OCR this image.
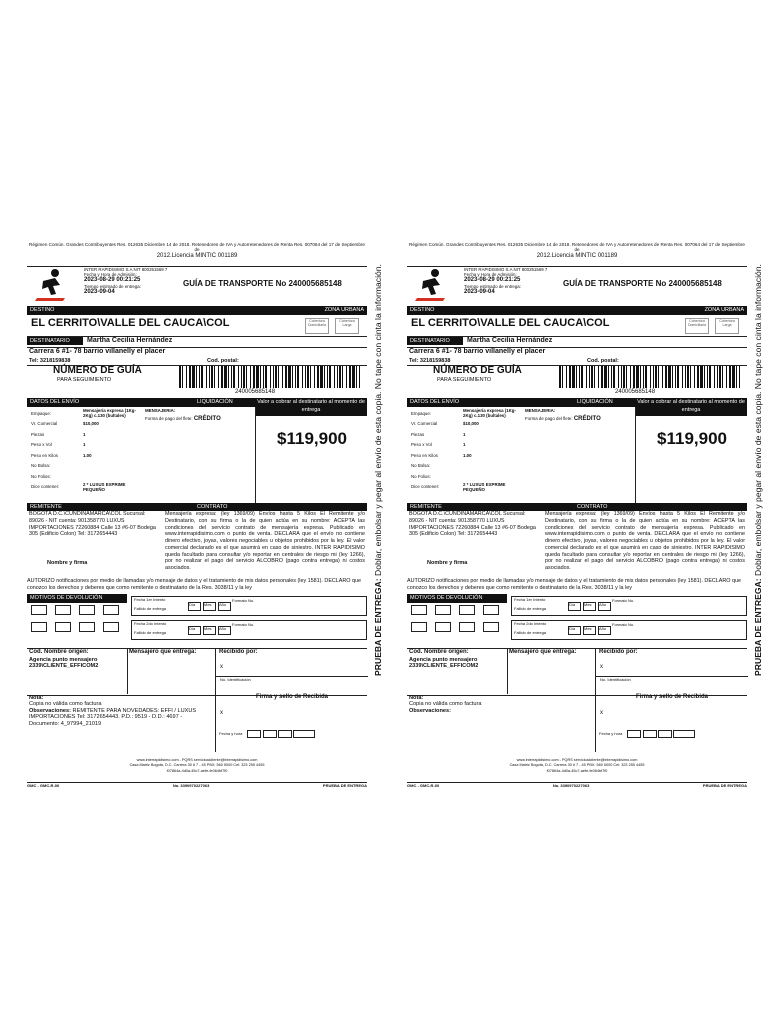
Régimen Común. Grandes Contribuyentes Res. 012635 Diciembre 14 de 2018. Retenedores de IVA y Autorretenedores de Renta Res. 007064 del 17 de Septiembre de
2012.Licencia MINTIC 001189
INTER RAPIDISIMO S.A NIT 800251569 7
Fecha y Hora de Admisión:
2023-08-29 00:21:25
Tiempo estimado de entrega:
2023-09-04
GUÍA DE TRANSPORTE No 240005685148
DESTINO	ZONA URBANA
EL CERRITO\VALLE DEL CAUCA\COL	Cobertura Domiciliaria
Cobertura Larga
DESTINATARIO	Martha Cecilia Hernández
Carrera 6 #1- 78 barrio villanelly el placer
Tel: 3218159838	Cod. postal:
NÚMERO DE GUÍA
PARA SEGUIMIENTO
240005685148
DATOS DEL ENVÍO	LIQUIDACIÓN	Valor a cobrar al destinatario al momento de entrega
Empaque:
Mensajería expresa (1Kg-2Kg) c.130 (bultales)
Vr. Comercial	$10,000
Piezas	1
Peso x Vol	1
Peso en Kilos	1.00
No Bolsa:
No Folios:
Dice contener:
2 * LUXUS EXPRIME PEQUEÑO
MENSAJERIA:
Forma de pago del flete: CRÉDITO
$119,900
REMITENTE	CONTRATO
BOGOTA D.C.\CUNDINAMARCA\COL Sucursal: 89026 - NIT cuenta: 901358770 LUXUS IMPORTACIONES 72260884 Calle 13 #6-07 Bodega 305 (Edificio Colon) Tel: 3172654443
Nombre y firma
Mensajería expresa: (ley 1369/09) Envíos hasta 5 Kilos El Remitente y/o Destinatario, con su firma o la de quien actúa en su nombre: ACEPTA las condiciones del servicio contrato de mensajería expresa. Publicado en www.interrapidisimo.com o punto de venta. DECLARA que el envío no contiene dinero efectivo, joyas, valores negociables u objetos prohibidos por la ley. El valor comercial declarado es el que asumirá en caso de siniestro. INTER RAPIDISIMO queda facultado para consultar y/o reportar en centrales de riesgo mi (ley 1266), por no realizar el pago del servicio ALCOBRO (pago contra entrega) ni costos asociados.
AUTORIZO notificaciones por medio de llamadas y/o mensaje de datos y el tratamiento de mis datos personales (ley 1581). DECLARO que conozco los derechos y deberes que como remitente o destinatario de la Res. 3038/11 y la ley
MOTIVOS DE DEVOLUCIÓN
	Fecha 1er Intento
Fallido de entrega
Día	Mes	Año
Formato No.
Fecha 2do Intento
Fallido de entrega
Día	Mes	Año
Formato No.
Cod. Nombre origen:
Agencia punto mensajero 2339\CLIENTE_EFFICOM2
Mensajero que entrega:	Recibido por:
x
No. Identificación
Firma y sello de Recibida
x
Nota:
Copia no válida como factura
Observaciones: REMITENTE PARA NOVEDADES: EFFI / LUXUS IMPORTACIONES Tel: 3172654443. P.D.: 9519 - D.D.: 4697 - Documento: 4_97994_21019
Fecha y hora
www.interrapidisimo.com - PQRS servicioalcliente@interrapidisimo.com
Casa Matriz Bogotá, D.C. Carrera 30 # 7 - 45 PBX: 560 5000 Cel: 323 255 4455
f07864a-4d0a-45c7-aefe-fe064bf7f0
GMC - GMC-R-00	No. 3390970227063	PRUEBA DE ENTREGA
PRUEBA DE ENTREGA: Doblar, embolsar y pegar al envío de esta copia. No tape con cinta la información.
Régimen Común. Grandes Contribuyentes Res. 012635 Diciembre 14 de 2018. Retenedores de IVA y Autorretenedores de Renta Res. 007064 del 17 de Septiembre de
2012.Licencia MINTIC 001189
INTER RAPIDISIMO S.A NIT 800251569 7
Fecha y Hora de Admisión:
2023-08-29 00:21:25
Tiempo estimado de entrega:
2023-09-04
GUÍA DE TRANSPORTE No 240005685148
DESTINO	ZONA URBANA
EL CERRITO\VALLE DEL CAUCA\COL	Cobertura Domiciliaria
Cobertura Larga
DESTINATARIO	Martha Cecilia Hernández
Carrera 6 #1- 78 barrio villanelly el placer
Tel: 3218159838	Cod. postal:
NÚMERO DE GUÍA
PARA SEGUIMIENTO
240005685148
DATOS DEL ENVÍO	LIQUIDACIÓN	Valor a cobrar al destinatario al momento de entrega
Empaque:
Mensajería expresa (1Kg-2Kg) c.130 (bultales)
Vr. Comercial	$10,000
Piezas	1
Peso x Vol	1
Peso en Kilos	1.00
No Bolsa:
No Folios:
Dice contener:
2 * LUXUS EXPRIME PEQUEÑO
MENSAJERIA:
Forma de pago del flete: CRÉDITO
$119,900
REMITENTE	CONTRATO
BOGOTA D.C.\CUNDINAMARCA\COL Sucursal: 89026 - NIT cuenta: 901358770 LUXUS IMPORTACIONES 72260884 Calle 13 #6-07 Bodega 305 (Edificio Colon) Tel: 3172654443
Nombre y firma
Mensajería expresa: (ley 1369/09) Envíos hasta 5 Kilos El Remitente y/o Destinatario, con su firma o la de quien actúa en su nombre: ACEPTA las condiciones del servicio contrato de mensajería expresa. Publicado en www.interrapidisimo.com o punto de venta. DECLARA que el envío no contiene dinero efectivo, joyas, valores negociables u objetos prohibidos por la ley. El valor comercial declarado es el que asumirá en caso de siniestro. INTER RAPIDISIMO queda facultado para consultar y/o reportar en centrales de riesgo mi (ley 1266), por no realizar el pago del servicio ALCOBRO (pago contra entrega) ni costos asociados.
AUTORIZO notificaciones por medio de llamadas y/o mensaje de datos y el tratamiento de mis datos personales (ley 1581). DECLARO que conozco los derechos y deberes que como remitente o destinatario de la Res. 3038/11 y la ley
MOTIVOS DE DEVOLUCIÓN
	Fecha 1er Intento
Fallido de entrega
Día	Mes	Año
Formato No.
Fecha 2do Intento
Fallido de entrega
Día	Mes	Año
Formato No.
Cod. Nombre origen:
Agencia punto mensajero 2339\CLIENTE_EFFICOM2
Mensajero que entrega:	Recibido por:
x
No. Identificación
Firma y sello de Recibida
x
Nota:
Copia no válida como factura
Observaciones:
Fecha y hora
www.interrapidisimo.com - PQRS servicioalcliente@interrapidisimo.com
Casa Matriz Bogotá, D.C. Carrera 30 # 7 - 45 PBX: 560 5000 Cel: 323 255 4455
f07864a-4d0a-45c7-aefe-fe064bf7f0
GMC - GMC-R-00	No. 3390970227063	PRUEBA DE ENTREGA
PRUEBA DE ENTREGA: Doblar, embolsar y pegar al envío de esta copia. No tape con cinta la información.
